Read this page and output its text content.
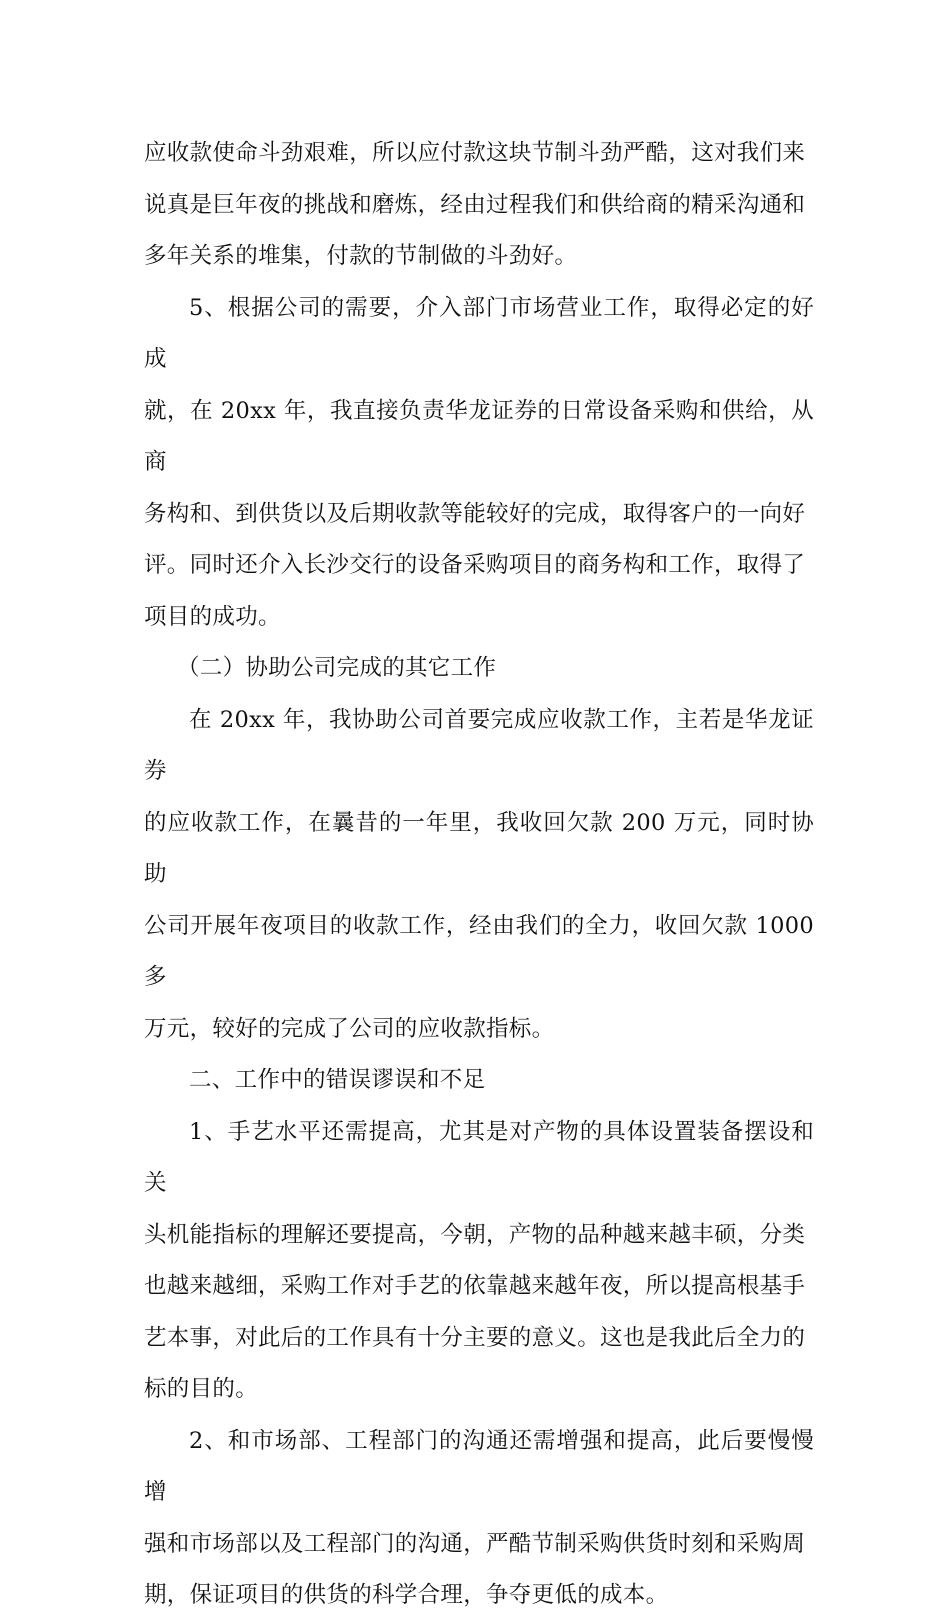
应收款使命斗劲艰难，所以应付款这块节制斗劲严酷，这对我们来
说真是巨年夜的挑战和磨炼，经由过程我们和供给商的精采沟通和
多年关系的堆集，付款的节制做的斗劲好。

5、根据公司的需要，介入部门市场营业工作，取得必定的好成
就，在 20xx 年，我直接负责华龙证券的日常设备采购和供给，从商
务构和、到供货以及后期收款等能较好的完成，取得客户的一向好
评。同时还介入长沙交行的设备采购项目的商务构和工作，取得了
项目的成功。

（二）协助公司完成的其它工作

在 20xx 年，我协助公司首要完成应收款工作，主若是华龙证券
的应收款工作，在曩昔的一年里，我收回欠款 200 万元，同时协助
公司开展年夜项目的收款工作，经由我们的全力，收回欠款 1000 多
万元，较好的完成了公司的应收款指标。

二、工作中的错误谬误和不足

1、手艺水平还需提高，尤其是对产物的具体设置装备摆设和关
头机能指标的理解还要提高，今朝，产物的品种越来越丰硕，分类
也越来越细，采购工作对手艺的依靠越来越年夜，所以提高根基手
艺本事，对此后的工作具有十分主要的意义。这也是我此后全力的
标的目的。

2、和市场部、工程部门的沟通还需增强和提高，此后要慢慢增
强和市场部以及工程部门的沟通，严酷节制采购供货时刻和采购周
期，保证项目的供货的科学合理，争夺更低的成本。
